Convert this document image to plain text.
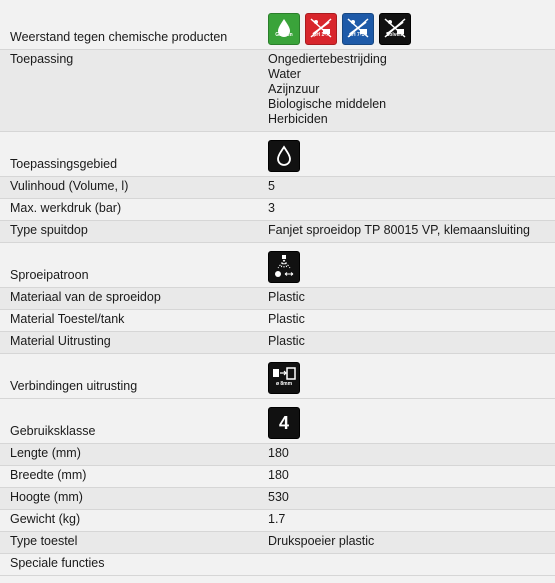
Weerstand tegen chemische producten	Garden	pH 1-7	pH 7-14	Solvent
Toepassing	Ongediertebestrijding
Water
Azijnzuur
Biologische middelen
Herbiciden
Toepassingsgebied
Vulinhoud (Volume, l)	5
Max. werkdruk (bar)	3
Type spuitdop	Fanjet sproeidop TP 80015 VP, klemaansluiting
Sproeipatroon
Materiaal van de sproeidop	Plastic
Material Toestel/tank	Plastic
Material Uitrusting	Plastic
Verbindingen uitrusting	ø 8mm
Gebruiksklasse	4
Lengte (mm)	180
Breedte (mm)	180
Hoogte (mm)	530
Gewicht (kg)	1.7
Type toestel	Drukspoeier plastic
Speciale functies
